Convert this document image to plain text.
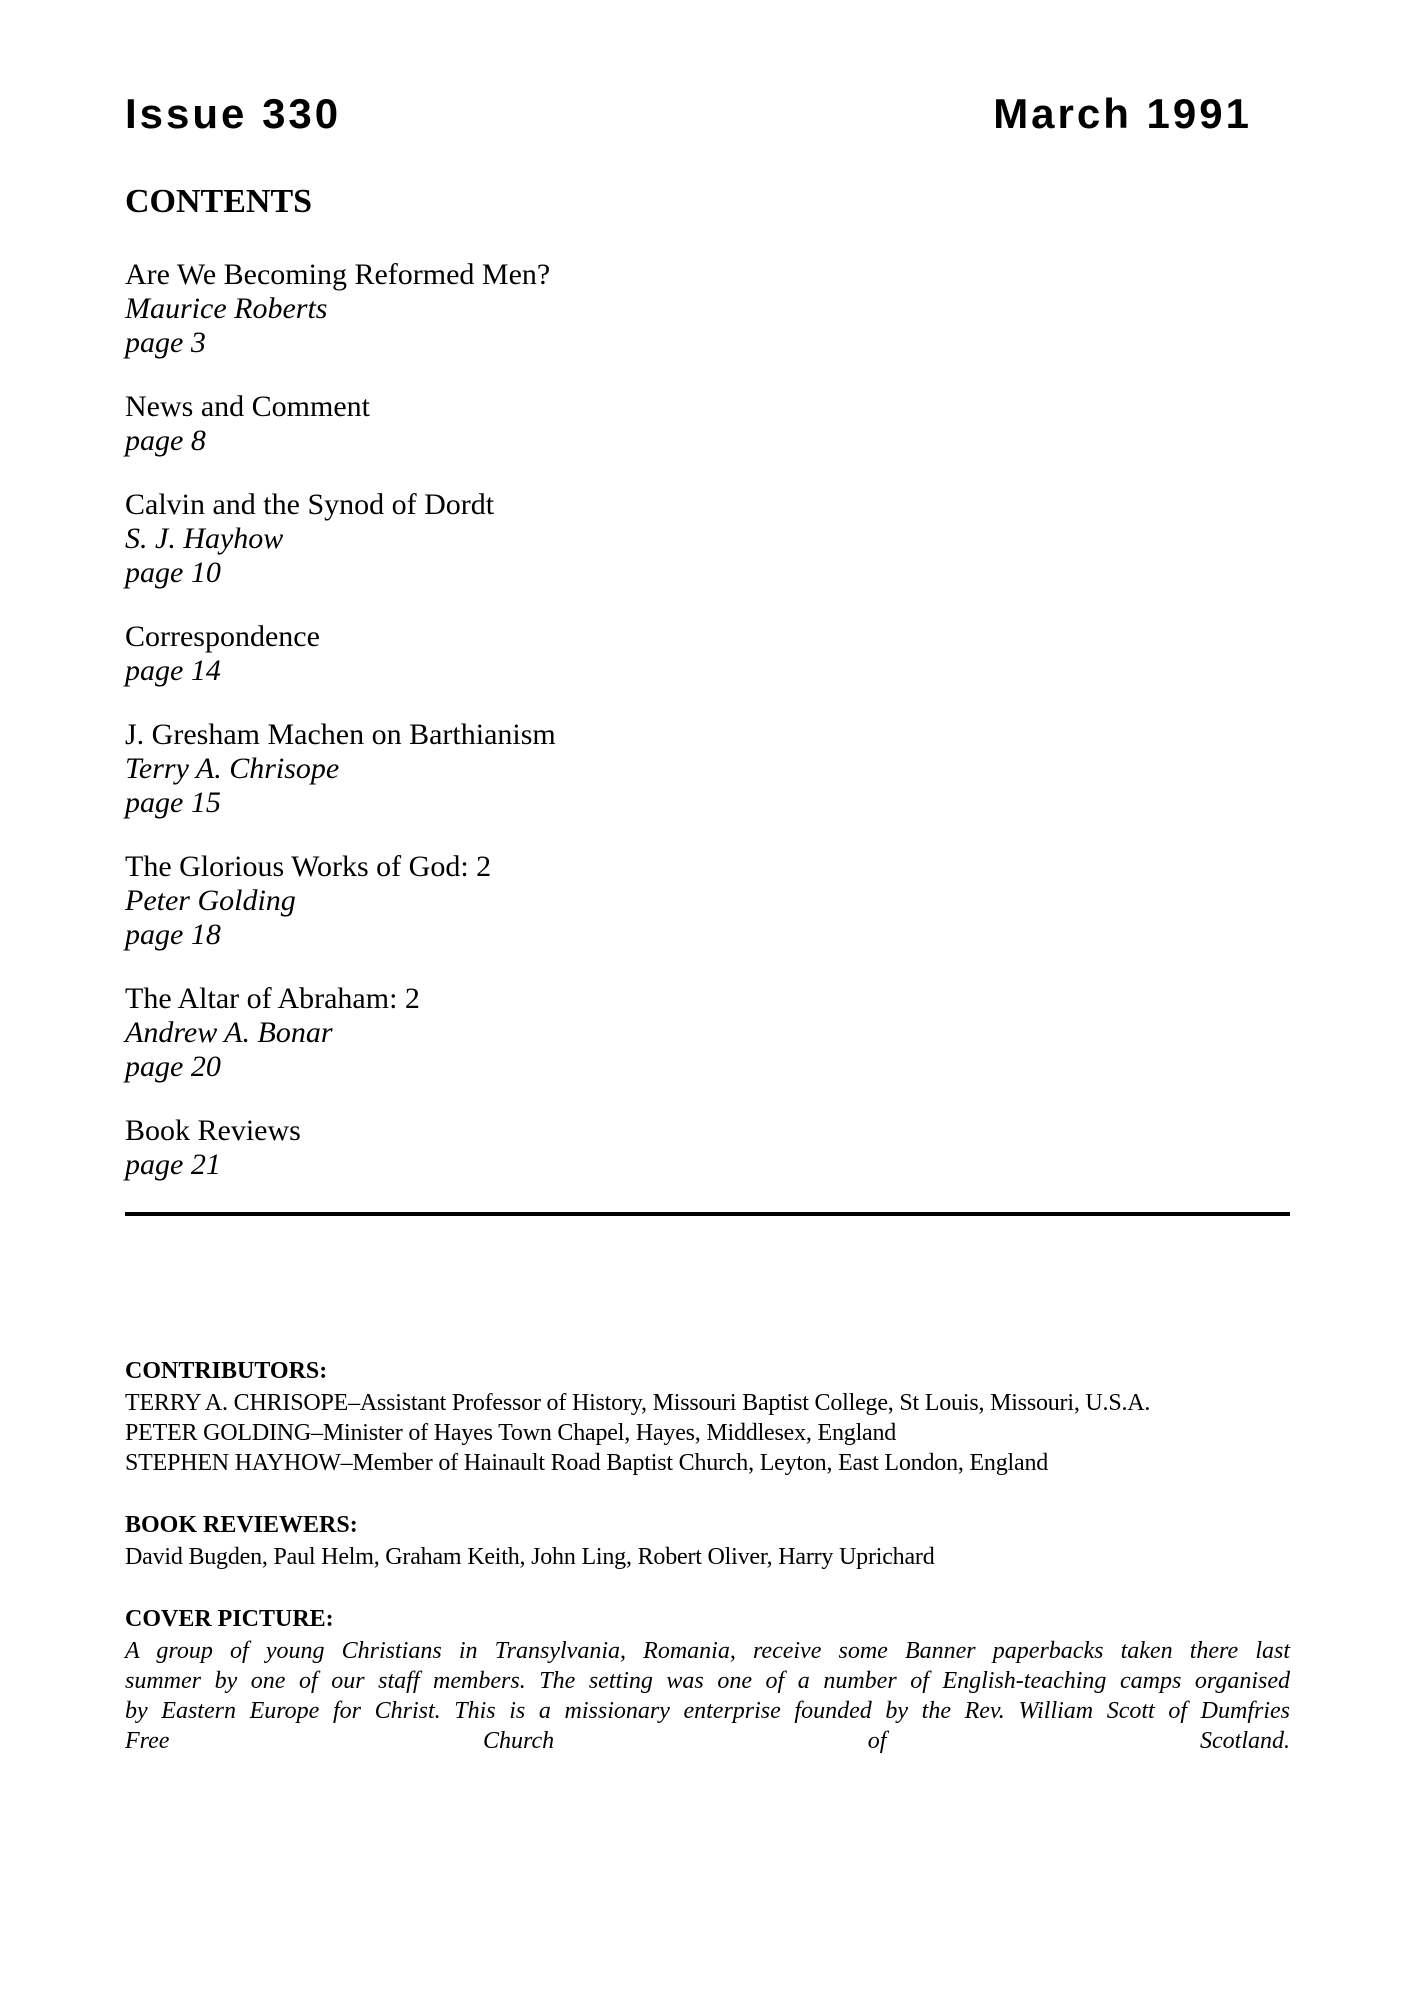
Issue 330	March 1991
CONTENTS
Are We Becoming Reformed Men?
Maurice Roberts
page 3
News and Comment
page 8
Calvin and the Synod of Dordt
S. J. Hayhow
page 10
Correspondence
page 14
J. Gresham Machen on Barthianism
Terry A. Chrisope
page 15
The Glorious Works of God: 2
Peter Golding
page 18
The Altar of Abraham: 2
Andrew A. Bonar
page 20
Book Reviews
page 21
CONTRIBUTORS:
TERRY A. CHRISOPE–Assistant Professor of History, Missouri Baptist College, St Louis, Missouri, U.S.A.
PETER GOLDING–Minister of Hayes Town Chapel, Hayes, Middlesex, England
STEPHEN HAYHOW–Member of Hainault Road Baptist Church, Leyton, East London, England
BOOK REVIEWERS:
David Bugden, Paul Helm, Graham Keith, John Ling, Robert Oliver, Harry Uprichard
COVER PICTURE:
A group of young Christians in Transylvania, Romania, receive some Banner paperbacks taken there last
summer by one of our staff members. The setting was one of a number of English-teaching camps organised
by Eastern Europe for Christ. This is a missionary enterprise founded by the Rev. William Scott of Dumfries
Free Church of Scotland.
